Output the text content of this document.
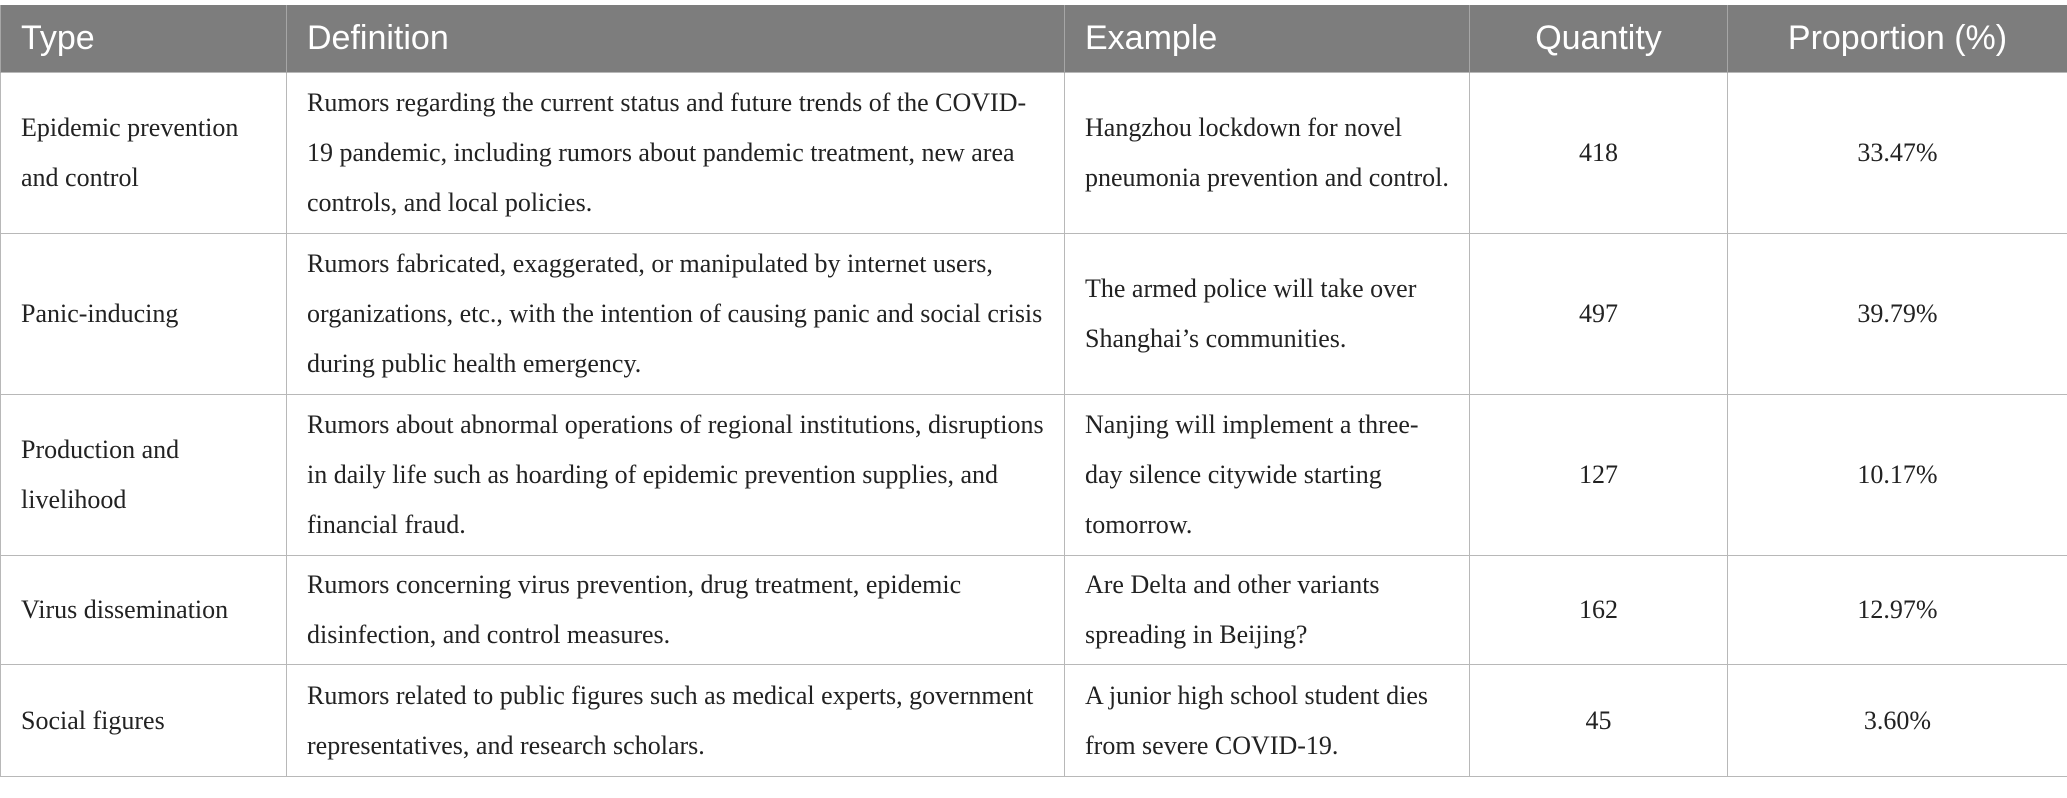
Type	Definition	Example	Quantity	Proportion (%)
Epidemic prevention and control	Rumors regarding the current status and future trends of the COVID-19 pandemic, including rumors about pandemic treatment, new area controls, and local policies.	Hangzhou lockdown for novel pneumonia prevention and control.	418	33.47%
Panic-inducing	Rumors fabricated, exaggerated, or manipulated by internet users, organizations, etc., with the intention of causing panic and social crisis during public health emergency.	The armed police will take over Shanghai’s communities.	497	39.79%
Production and livelihood	Rumors about abnormal operations of regional institutions, disruptions in daily life such as hoarding of epidemic prevention supplies, and financial fraud.	Nanjing will implement a three-day silence citywide starting tomorrow.	127	10.17%
Virus dissemination	Rumors concerning virus prevention, drug treatment, epidemic disinfection, and control measures.	Are Delta and other variants spreading in Beijing?	162	12.97%
Social figures	Rumors related to public figures such as medical experts, government representatives, and research scholars.	A junior high school student dies from severe COVID-19.	45	3.60%
